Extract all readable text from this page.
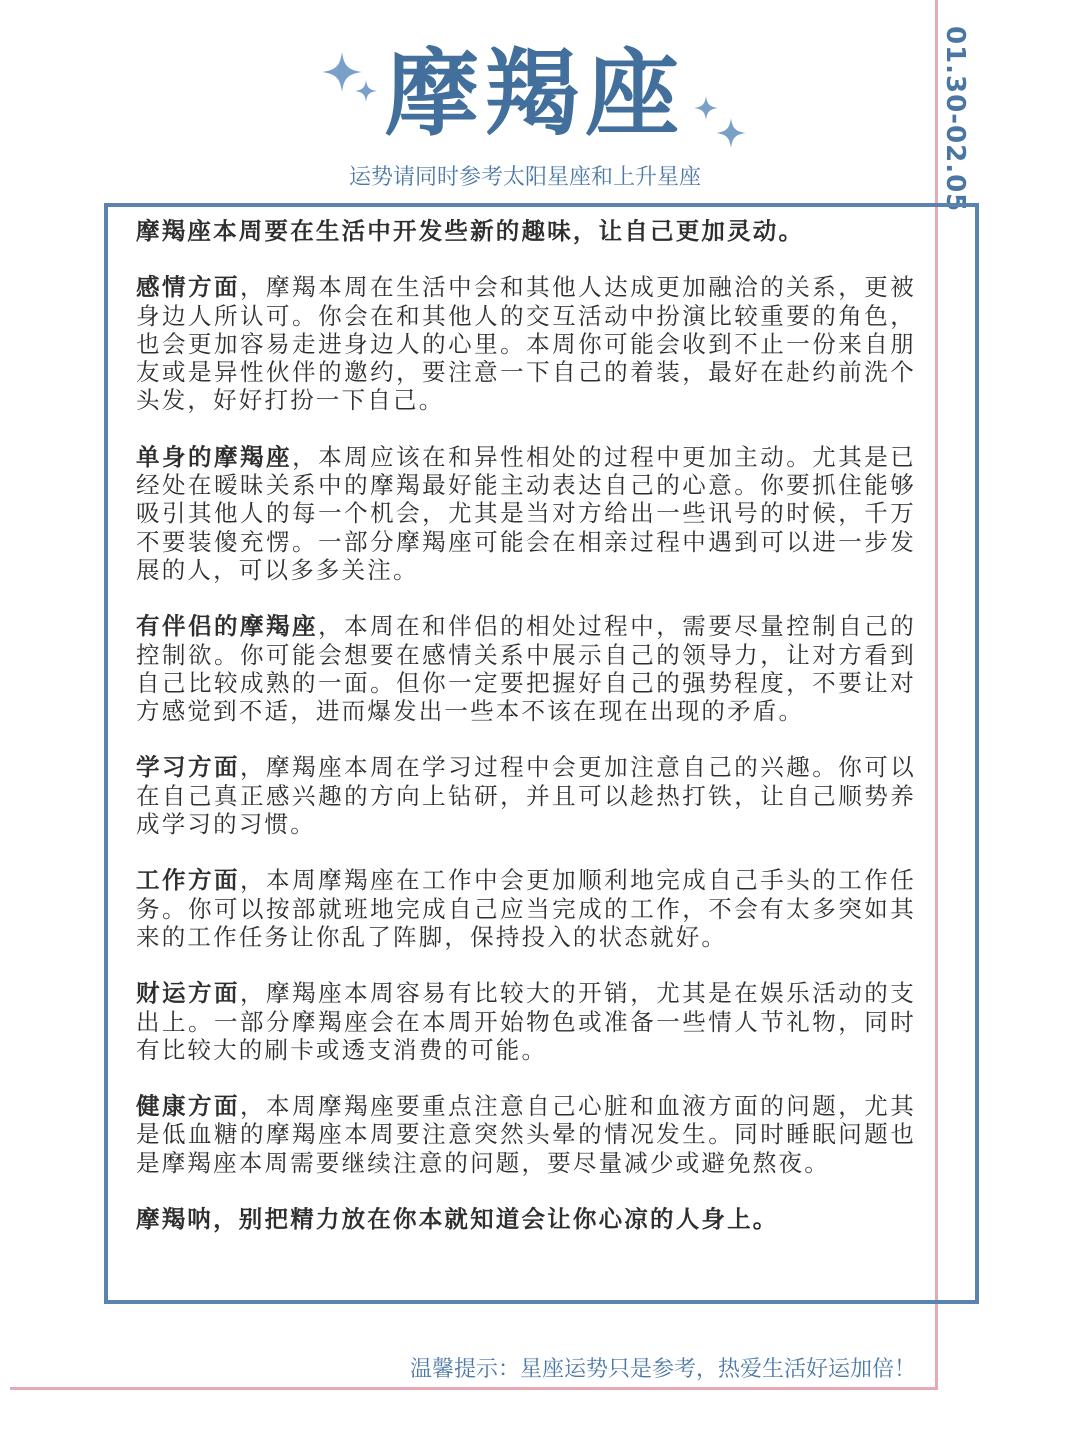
01.30-02.05
摩羯座
运势请同时参考太阳星座和上升星座

摩羯座本周要在生活中开发些新的趣味，让自己更加灵动。

感情方面，摩羯本周在生活中会和其他人达成更加融洽的关系，更被身边人所认可。你会在和其他人的交互活动中扮演比较重要的角色，也会更加容易走进身边人的心里。本周你可能会收到不止一份来自朋友或是异性伙伴的邀约，要注意一下自己的着装，最好在赴约前洗个头发，好好打扮一下自己。

单身的摩羯座，本周应该在和异性相处的过程中更加主动。尤其是已经处在暧昧关系中的摩羯最好能主动表达自己的心意。你要抓住能够吸引其他人的每一个机会，尤其是当对方给出一些讯号的时候，千万不要装傻充愣。一部分摩羯座可能会在相亲过程中遇到可以进一步发展的人，可以多多关注。

有伴侣的摩羯座，本周在和伴侣的相处过程中，需要尽量控制自己的控制欲。你可能会想要在感情关系中展示自己的领导力，让对方看到自己比较成熟的一面。但你一定要把握好自己的强势程度，不要让对方感觉到不适，进而爆发出一些本不该在现在出现的矛盾。

学习方面，摩羯座本周在学习过程中会更加注意自己的兴趣。你可以在自己真正感兴趣的方向上钻研，并且可以趁热打铁，让自己顺势养成学习的习惯。

工作方面，本周摩羯座在工作中会更加顺利地完成自己手头的工作任务。你可以按部就班地完成自己应当完成的工作，不会有太多突如其来的工作任务让你乱了阵脚，保持投入的状态就好。

财运方面，摩羯座本周容易有比较大的开销，尤其是在娱乐活动的支出上。一部分摩羯座会在本周开始物色或准备一些情人节礼物，同时有比较大的刷卡或透支消费的可能。

健康方面，本周摩羯座要重点注意自己心脏和血液方面的问题，尤其是低血糖的摩羯座本周要注意突然头晕的情况发生。同时睡眠问题也是摩羯座本周需要继续注意的问题，要尽量减少或避免熬夜。

摩羯呐，别把精力放在你本就知道会让你心凉的人身上。

温馨提示：星座运势只是参考，热爱生活好运加倍！
